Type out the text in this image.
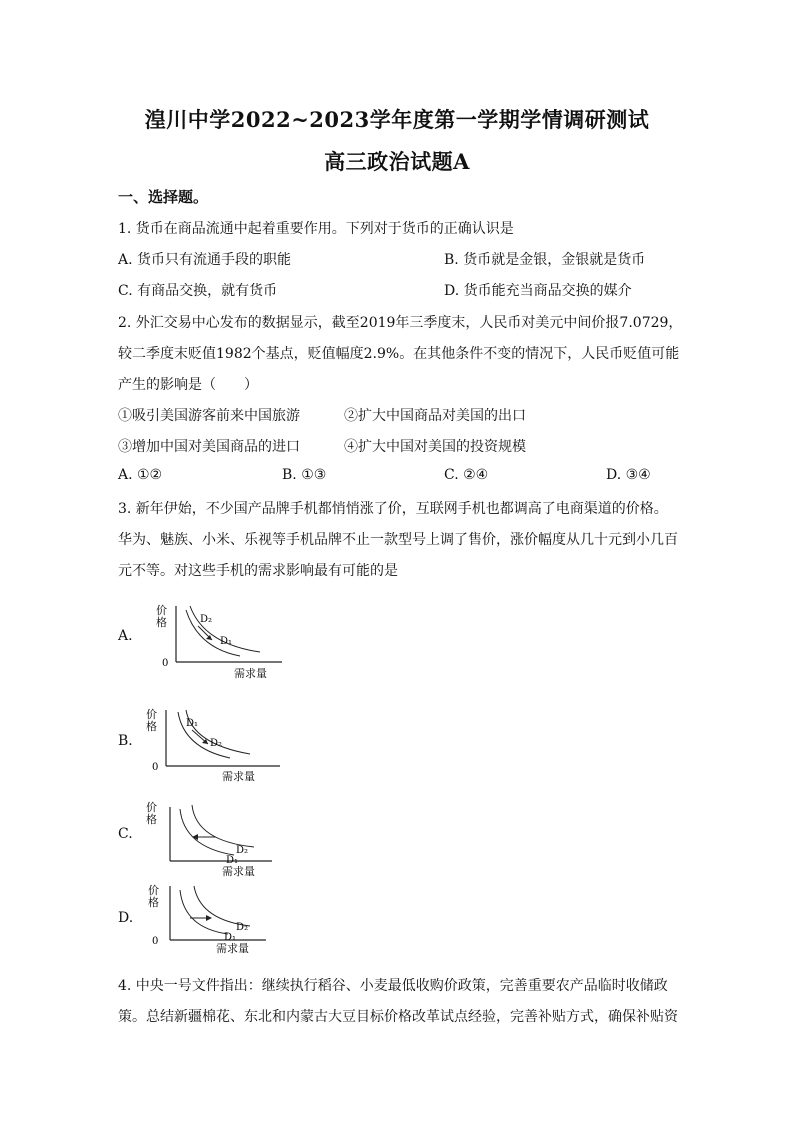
湟川中学2022~2023学年度第一学期学情调研测试
高三政治试题A
一、选择题。
1. 货币在商品流通中起着重要作用。下列对于货币的正确认识是
A. 货币只有流通手段的职能	B. 货币就是金银，金银就是货币
C. 有商品交换，就有货币	D. 货币能充当商品交换的媒介
2. 外汇交易中心发布的数据显示，截至2019年三季度末，人民币对美元中间价报7.0729，
较二季度末贬值1982个基点，贬值幅度2.9%。在其他条件不变的情况下，人民币贬值可能
产生的影响是（　　）
①吸引美国游客前来中国旅游	②扩大中国商品对美国的出口
③增加中国对美国商品的进口	④扩大中国对美国的投资规模
A. ①②	B. ①③	C. ②④	D. ③④
3. 新年伊始，不少国产品牌手机都悄悄涨了价，互联网手机也都调高了电商渠道的价格。
华为、魅族、小米、乐视等手机品牌不止一款型号上调了售价，涨价幅度从几十元到小几百
元不等。对这些手机的需求影响最有可能的是
A.
价
格
0
需求量
D₂
D₁
B.
价
格
0
需求量
D₁
D₂
C.
价
格
需求量
D₂
D₁
D.
价
格
0
需求量
D₂
D₁
4. 中央一号文件指出：继续执行稻谷、小麦最低收购价政策，完善重要农产品临时收储政
策。总结新疆棉花、东北和内蒙古大豆目标价格改革试点经验，完善补贴方式，确保补贴资
